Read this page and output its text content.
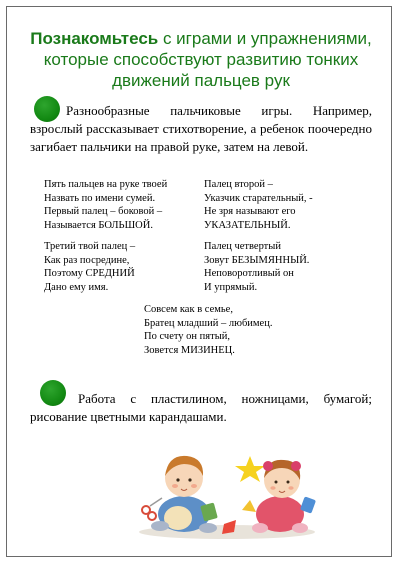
Познакомьтесь с играми и упражнениями,
которые способствуют развитию тонких
движений пальцев рук
Разнообразные пальчиковые игры. Например, взрослый рассказывает стихотворение, а ребенок поочередно загибает пальчики на правой руке, затем на левой.
Пять пальцев на руке твоей
Назвать по имени сумей.
Первый палец – боковой –
Называется БОЛЬШОЙ.
Палец второй –
Указчик старательный, -
Не зря называют его
УКАЗАТЕЛЬНЫЙ.
Третий твой палец –
Как раз посредине,
Поэтому СРЕДНИЙ
Дано ему имя.
Палец четвертый
Зовут БЕЗЫМЯННЫЙ.
Неповоротливый он
И упрямый.
Совсем как в семье,
Братец младший – любимец.
По счету он пятый,
Зовется МИЗИНЕЦ.
Работа с пластилином, ножницами, бумагой; рисование цветными карандашами.
